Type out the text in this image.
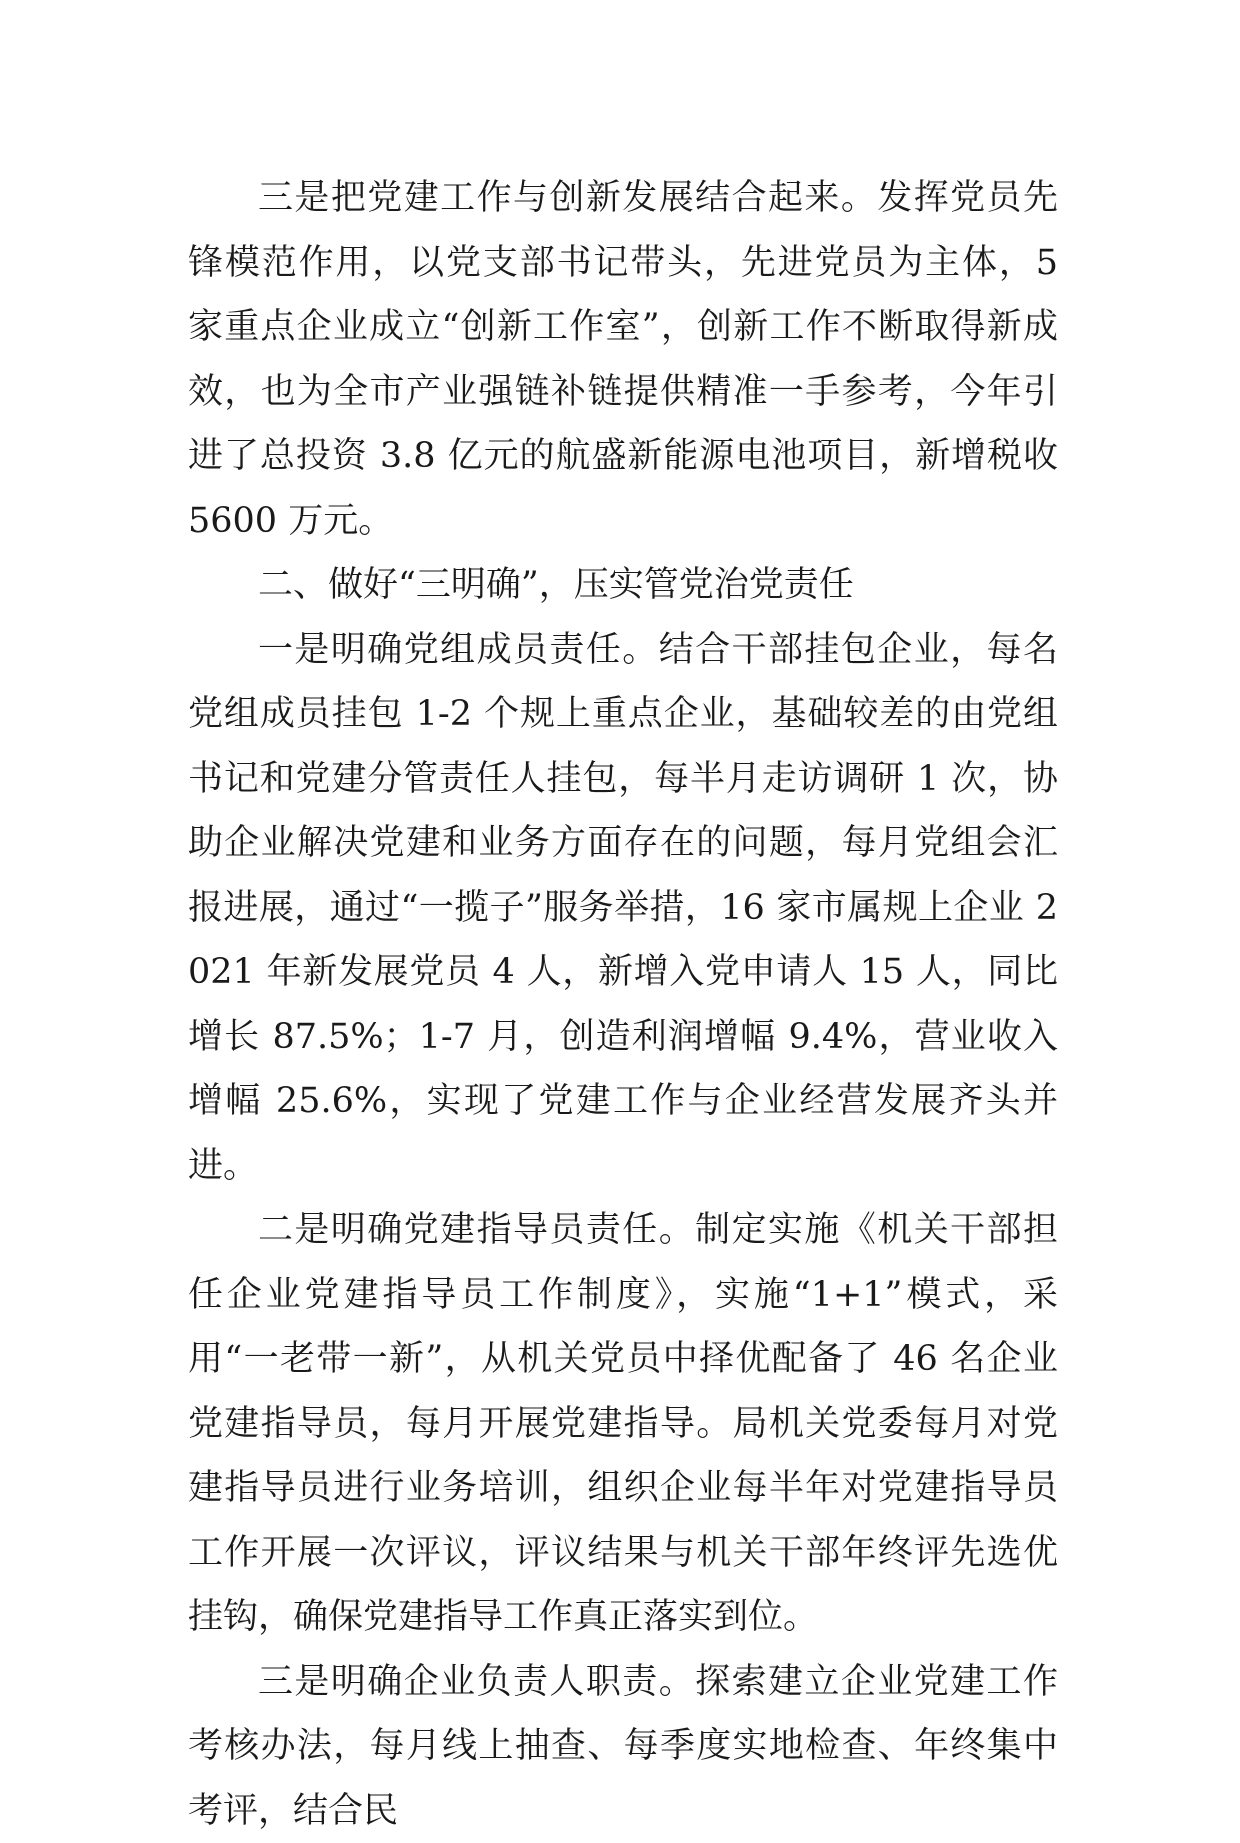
三是把党建工作与创新发展结合起来。发挥党员先锋模范作用，以党支部书记带头，先进党员为主体，5 家重点企业成立“创新工作室”，创新工作不断取得新成效，也为全市产业强链补链提供精准一手参考，今年引进了总投资 3.8 亿元的航盛新能源电池项目，新增税收 5600 万元。

二、做好“三明确”，压实管党治党责任

一是明确党组成员责任。结合干部挂包企业，每名党组成员挂包 1-2 个规上重点企业，基础较差的由党组书记和党建分管责任人挂包，每半月走访调研 1 次，协助企业解决党建和业务方面存在的问题，每月党组会汇报进展，通过“一揽子”服务举措，16 家市属规上企业 2021 年新发展党员 4 人，新增入党申请人 15 人，同比增长 87.5%；1-7 月，创造利润增幅 9.4%，营业收入增幅 25.6%，实现了党建工作与企业经营发展齐头并进。

二是明确党建指导员责任。制定实施《机关干部担任企业党建指导员工作制度》，实施“1+1”模式，采用“一老带一新”，从机关党员中择优配备了 46 名企业党建指导员，每月开展党建指导。局机关党委每月对党建指导员进行业务培训，组织企业每半年对党建指导员工作开展一次评议，评议结果与机关干部年终评先选优挂钩，确保党建指导工作真正落实到位。

三是明确企业负责人职责。探索建立企业党建工作考核办法，每月线上抽查、每季度实地检查、年终集中考评，结合民
